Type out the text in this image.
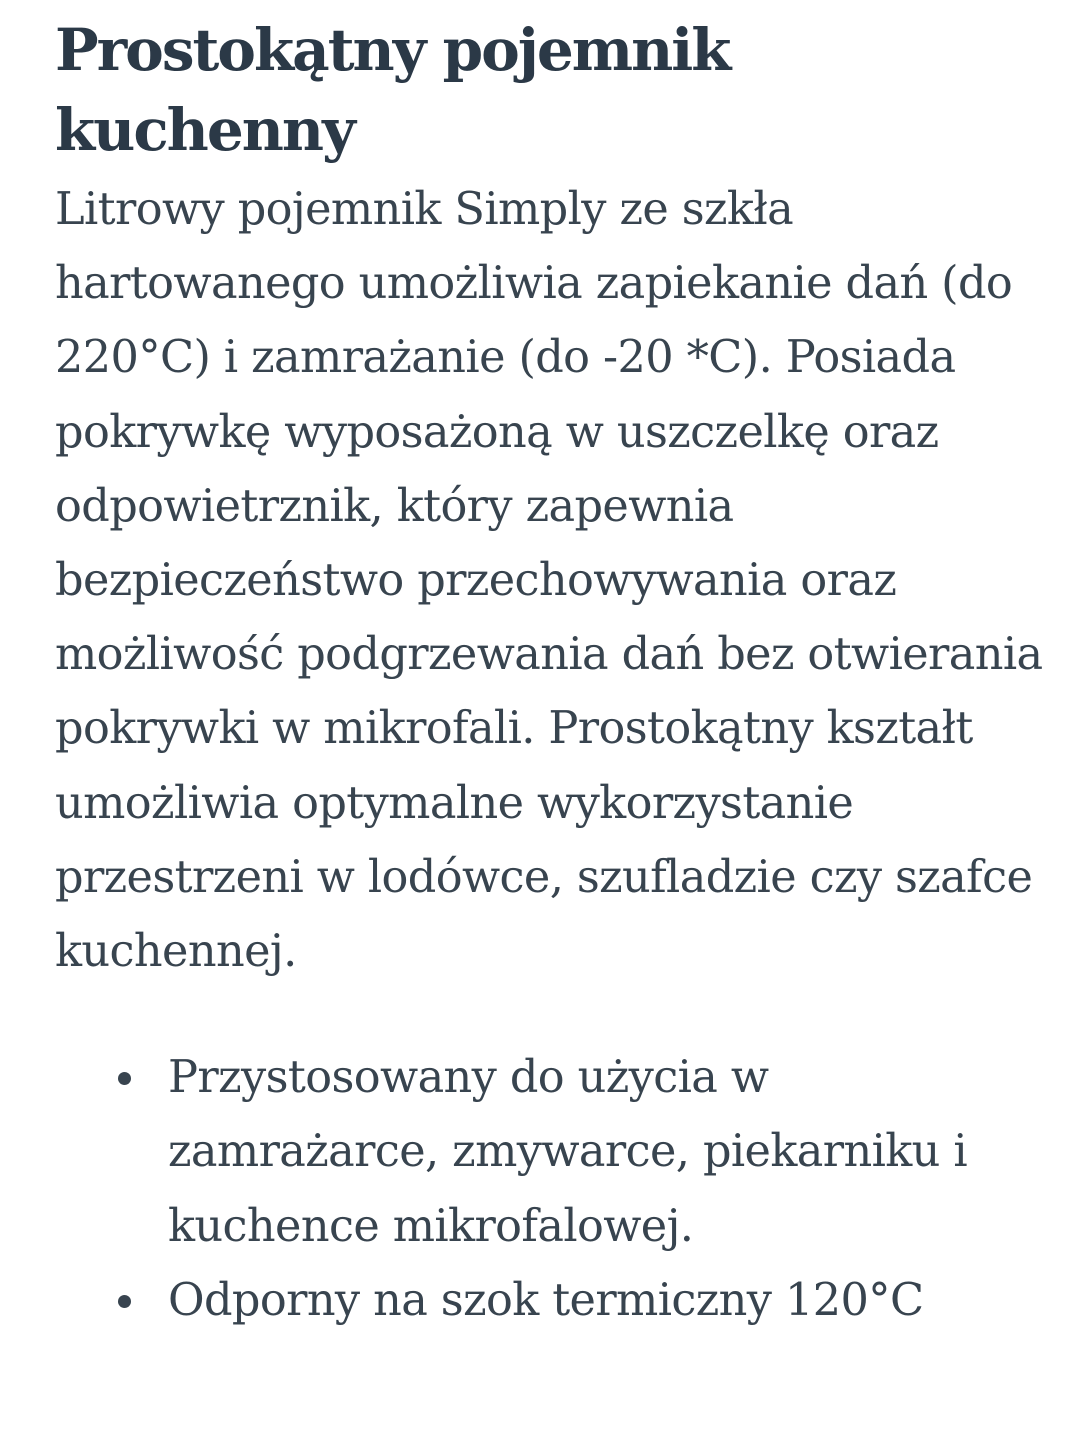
Prostokątny pojemnik kuchenny

Litrowy pojemnik Simply ze szkła hartowanego umożliwia zapiekanie dań (do 220°C) i zamrażanie (do -20 *C). Posiada pokrywkę wyposażoną w uszczelkę oraz odpowietrznik, który zapewnia bezpieczeństwo przechowywania oraz możliwość podgrzewania dań bez otwierania pokrywki w mikrofali. Prostokątny kształt umożliwia optymalne wykorzystanie przestrzeni w lodówce, szufladzie czy szafce kuchennej.

Przystosowany do użycia w zamrażarce, zmywarce, piekarniku i kuchence mikrofalowej.
Odporny na szok termiczny 120°C
